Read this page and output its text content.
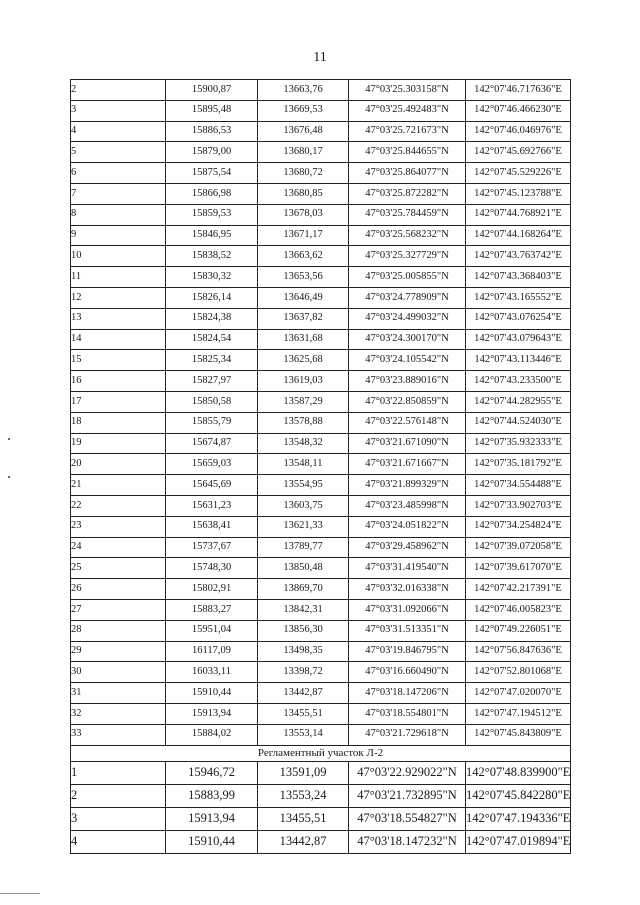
11
2	15900,87	13663,76	47°03'25.303158"N	142°07'46.717636"E
3	15895,48	13669,53	47°03'25.492483"N	142°07'46.466230"E
4	15886,53	13676,48	47°03'25.721673"N	142°07'46.046976"E
5	15879,00	13680,17	47°03'25.844655"N	142°07'45.692766"E
6	15875,54	13680,72	47°03'25.864077"N	142°07'45.529226"E
7	15866,98	13680,85	47°03'25.872282"N	142°07'45.123788"E
8	15859,53	13678,03	47°03'25.784459"N	142°07'44.768921"E
9	15846,95	13671,17	47°03'25.568232"N	142°07'44.168264"E
10	15838,52	13663,62	47°03'25.327729"N	142°07'43.763742"E
11	15830,32	13653,56	47°03'25.005855"N	142°07'43.368403"E
12	15826,14	13646,49	47°03'24.778909"N	142°07'43.165552"E
13	15824,38	13637,82	47°03'24.499032"N	142°07'43.076254"E
14	15824,54	13631,68	47°03'24.300170"N	142°07'43.079643"E
15	15825,34	13625,68	47°03'24.105542"N	142°07'43.113446"E
16	15827,97	13619,03	47°03'23.889016"N	142°07'43.233500"E
17	15850,58	13587,29	47°03'22.850859"N	142°07'44.282955"E
18	15855,79	13578,88	47°03'22.576148"N	142°07'44.524030"E
19	15674,87	13548,32	47°03'21.671090"N	142°07'35.932333"E
20	15659,03	13548,11	47°03'21.671667"N	142°07'35.181792"E
21	15645,69	13554,95	47°03'21.899329"N	142°07'34.554488"E
22	15631,23	13603,75	47°03'23.485998"N	142°07'33.902703"E
23	15638,41	13621,33	47°03'24.051822"N	142°07'34.254824"E
24	15737,67	13789,77	47°03'29.458962"N	142°07'39.072058"E
25	15748,30	13850,48	47°03'31.419540"N	142°07'39.617070"E
26	15802,91	13869,70	47°03'32.016338"N	142°07'42.217391"E
27	15883,27	13842,31	47°03'31.092066"N	142°07'46.005823"E
28	15951,04	13856,30	47°03'31.513351"N	142°07'49.226051"E
29	16117,09	13498,35	47°03'19.846795"N	142°07'56.847636"E
30	16033,11	13398,72	47°03'16.660490"N	142°07'52.801068"E
31	15910,44	13442,87	47°03'18.147206"N	142°07'47.020070"E
32	15913,94	13455,51	47°03'18.554801"N	142°07'47.194512"E
33	15884,02	13553,14	47°03'21.729618"N	142°07'45.843809"E
Регламентный участок Л-2				
1	15946,72	13591,09	47°03'22.929022"N	142°07'48.839900"E
2	15883,99	13553,24	47°03'21.732895"N	142°07'45.842280"E
3	15913,94	13455,51	47°03'18.554827"N	142°07'47.194336"E
4	15910,44	13442,87	47°03'18.147232"N	142°07'47.019894"E
